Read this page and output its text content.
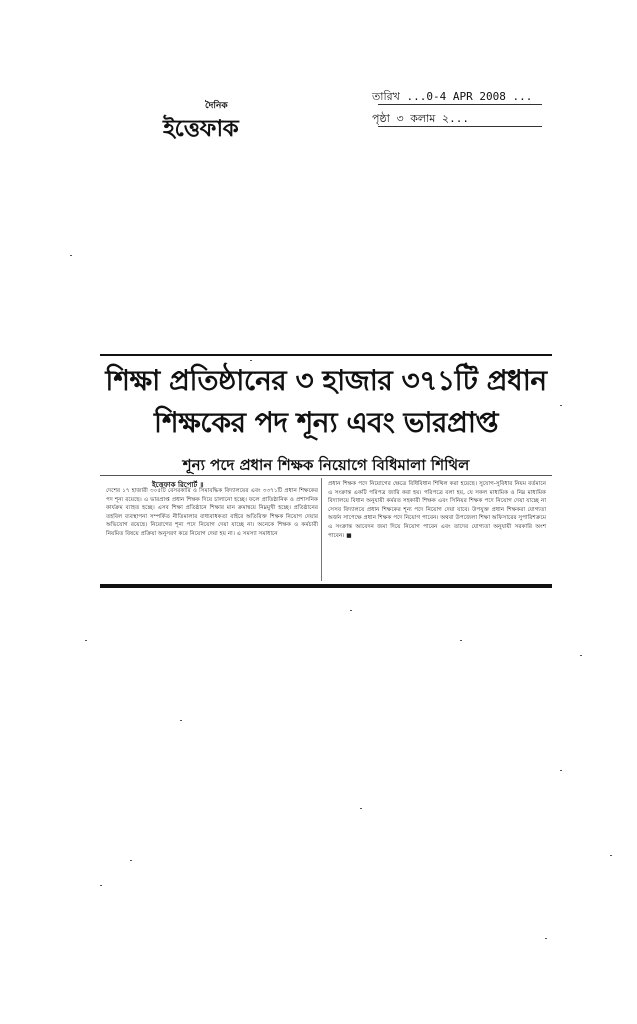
দৈনিক
ইত্তেফাক
তারিখ ...0-4 APR 2008 ...
পৃষ্ঠা ৩ কলাম ২...
শিক্ষা প্রতিষ্ঠানের ৩ হাজার ৩৭১টি প্রধান
শিক্ষকের পদ শূন্য এবং ভারপ্রাপ্ত
শূন্য পদে প্রধান শিক্ষক নিয়োগে বিধিমালা শিথিল
ইত্তেফাক রিপোর্ট ॥
দেশের ১৭ হাজারী ৩০৫টি বেসরকারি ও সিমাবদ্ধিক বিদ্যালয়ের এবং ৩৩৭১টি প্রধান শিক্ষকের পদ শূন্য রয়েছে। এ ভারপ্রাপ্ত প্রধান শিক্ষক দিয়ে চালানো হচ্ছে। ফলে প্রাতিষ্ঠানিক ও প্রশাসনিক কার্যক্রম ব্যাহত হচ্ছে। এসব শিক্ষা প্রতিষ্ঠানে শিক্ষার মান ক্রমান্বয়ে নিম্নমুখী হচ্ছে। প্রতিষ্ঠানের তহবিল ব্যবস্থাপনা সম্পর্কিত নীতিমালার বাধ্যবাধকতা বাইরে অতিরিক্ত শিক্ষক নিয়োগ দেয়ার অভিযোগ রয়েছে। নিয়োগের শূন্য পদে নিয়োগ দেয়া যাচ্ছে না। অনেকে শিক্ষক ও কর্মচারী নিয়মিত বিষয়ে প্রক্রিয়া অনুসরণ করে নিয়োগ দেয়া হয় না। এ সমস্যা সমাধানে
প্রধান শিক্ষক পদে নিয়োগের ক্ষেত্রে বিধিবিধান শিথিল করা হয়েছে। সুযোগ-সুবিধার নিয়ম বর্তমানে এ সংক্রান্ত একটি পরিপত্র জারি করা হয়। পরিপত্রে বলা হয়, যে সকল মাধ্যমিক ও নিম্ন মাধ্যমিক বিদ্যালয়ে বিধান অনুযায়ী কর্মরত সহকারী শিক্ষক এবং সিনিয়র শিক্ষক পদে নিয়োগ দেয়া যাচ্ছে না সেসব বিদ্যালয়ে প্রধান শিক্ষকের শূন্য পদে নিয়োগ দেয়া যাবে। উপযুক্ত প্রধান শিক্ষকরা যোগ্যতা অর্জন সাপেক্ষে প্রধান শিক্ষক পদে নিয়োগ পাবেন। অথবা উপজেলা শিক্ষা অফিসারের সুপারিশক্রমে এ সংক্রান্ত আবেদন জমা দিয়ে নিয়োগ পাবেন এবং তাদের যোগ্যতা অনুযায়ী সরকারি অংশ পাবেন। ■
